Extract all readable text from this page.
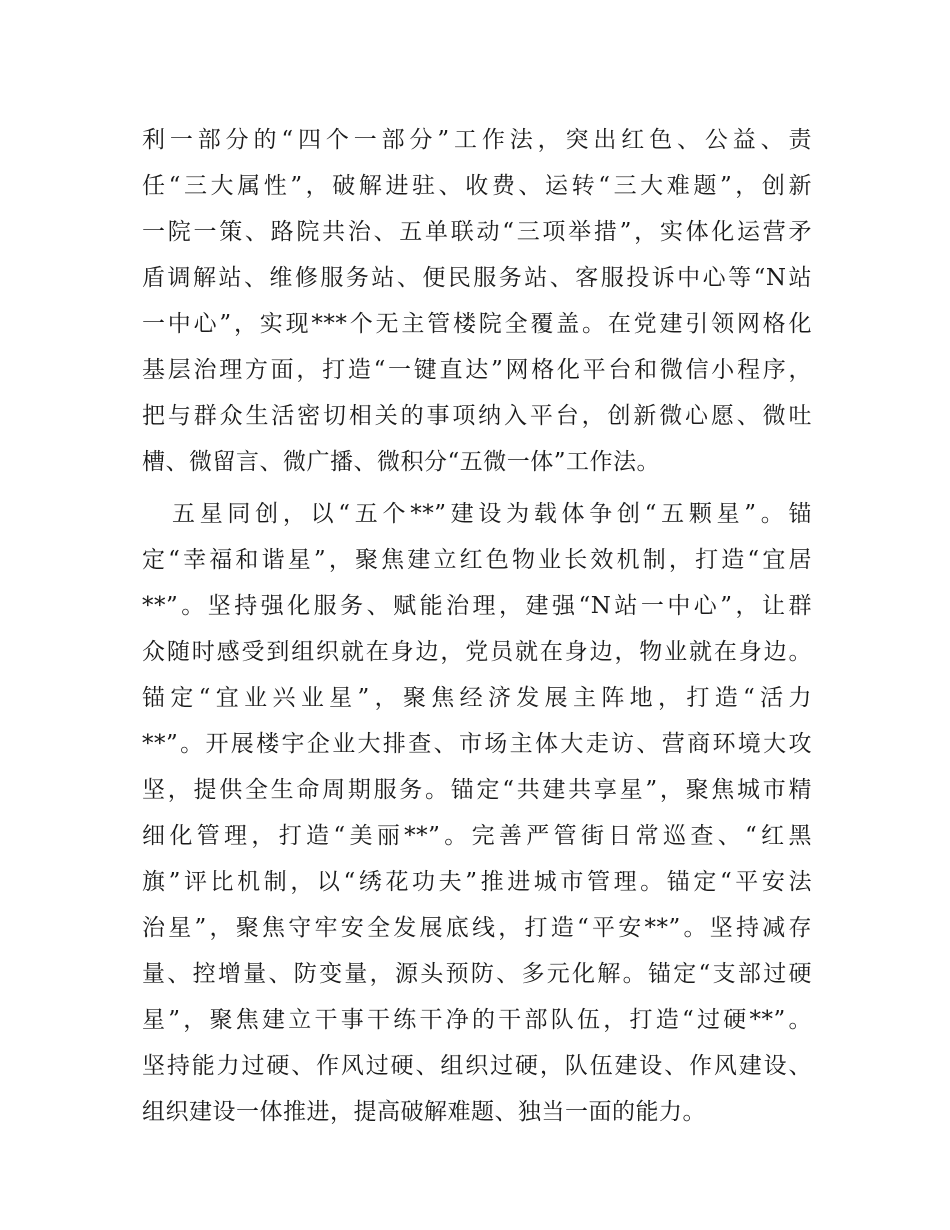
利一部分的“四个一部分”工作法，突出红色、公益、责
任“三大属性”，破解进驻、收费、运转“三大难题”，创新
一院一策、路院共治、五单联动“三项举措”，实体化运营矛
盾调解站、维修服务站、便民服务站、客服投诉中心等“N站
一中心”，实现***个无主管楼院全覆盖。在党建引领网格化
基层治理方面，打造“一键直达”网格化平台和微信小程序，
把与群众生活密切相关的事项纳入平台，创新微心愿、微吐
槽、微留言、微广播、微积分“五微一体”工作法。

五星同创，以“五个**”建设为载体争创“五颗星”。锚
定“幸福和谐星”，聚焦建立红色物业长效机制，打造“宜居
**”。坚持强化服务、赋能治理，建强“N站一中心”，让群
众随时感受到组织就在身边，党员就在身边，物业就在身边。
锚定“宜业兴业星”，聚焦经济发展主阵地，打造“活力
**”。开展楼宇企业大排查、市场主体大走访、营商环境大攻
坚，提供全生命周期服务。锚定“共建共享星”，聚焦城市精
细化管理，打造“美丽**”。完善严管街日常巡查、“红黑
旗”评比机制，以“绣花功夫”推进城市管理。锚定“平安法
治星”，聚焦守牢安全发展底线，打造“平安**”。坚持减存
量、控增量、防变量，源头预防、多元化解。锚定“支部过硬
星”，聚焦建立干事干练干净的干部队伍，打造“过硬**”。
坚持能力过硬、作风过硬、组织过硬，队伍建设、作风建设、
组织建设一体推进，提高破解难题、独当一面的能力。
